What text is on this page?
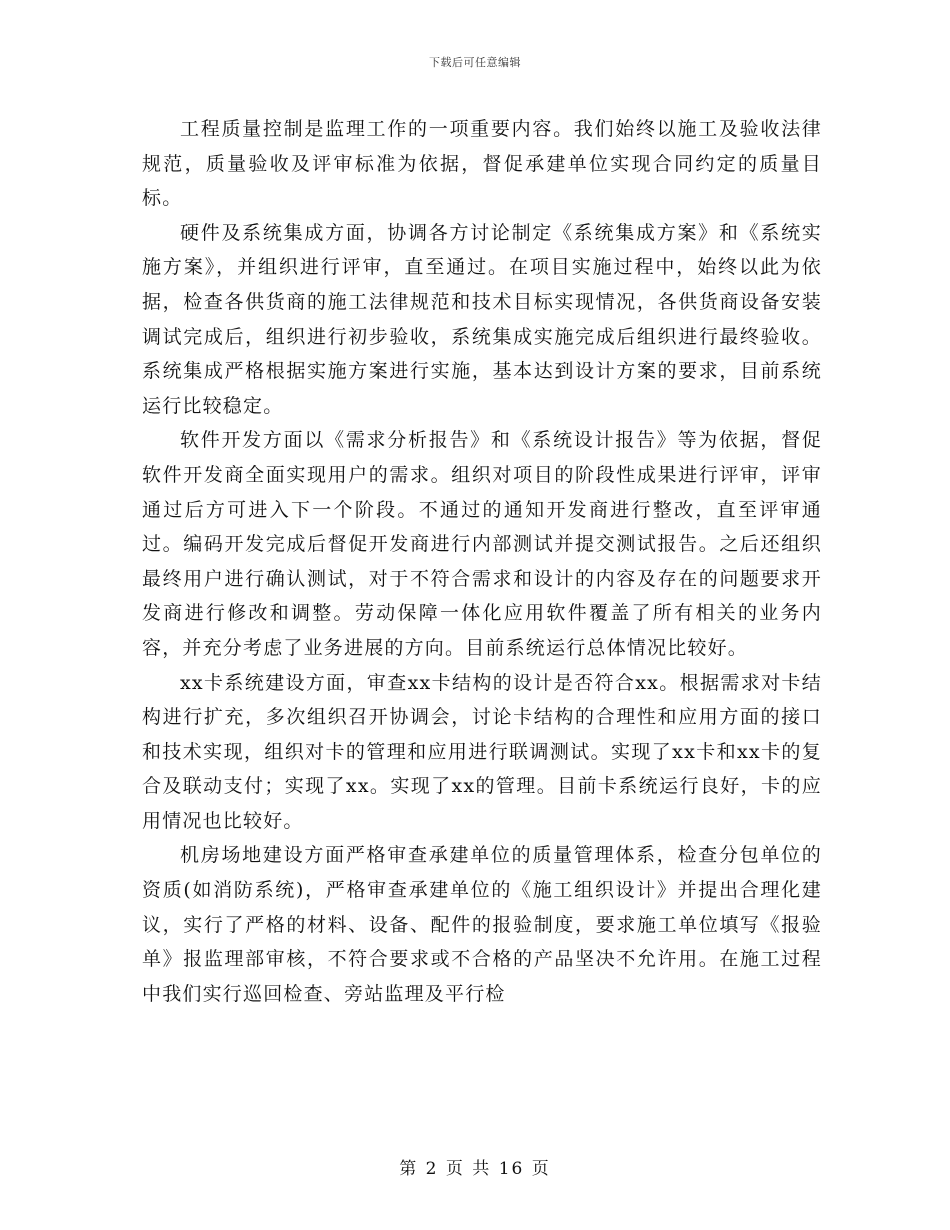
下载后可任意编辑

工程质量控制是监理工作的一项重要内容。我们始终以施工及验收法律规范，质量验收及评审标准为依据，督促承建单位实现合同约定的质量目标。

硬件及系统集成方面，协调各方讨论制定《系统集成方案》和《系统实施方案》，并组织进行评审，直至通过。在项目实施过程中，始终以此为依据，检查各供货商的施工法律规范和技术目标实现情况，各供货商设备安装调试完成后，组织进行初步验收，系统集成实施完成后组织进行最终验收。系统集成严格根据实施方案进行实施，基本达到设计方案的要求，目前系统运行比较稳定。

软件开发方面以《需求分析报告》和《系统设计报告》等为依据，督促软件开发商全面实现用户的需求。组织对项目的阶段性成果进行评审，评审通过后方可进入下一个阶段。不通过的通知开发商进行整改，直至评审通过。编码开发完成后督促开发商进行内部测试并提交测试报告。之后还组织最终用户进行确认测试，对于不符合需求和设计的内容及存在的问题要求开发商进行修改和调整。劳动保障一体化应用软件覆盖了所有相关的业务内容，并充分考虑了业务进展的方向。目前系统运行总体情况比较好。

xx卡系统建设方面，审查xx卡结构的设计是否符合xx。根据需求对卡结构进行扩充，多次组织召开协调会，讨论卡结构的合理性和应用方面的接口和技术实现，组织对卡的管理和应用进行联调测试。实现了xx卡和xx卡的复合及联动支付；实现了xx。实现了xx的管理。目前卡系统运行良好，卡的应用情况也比较好。

机房场地建设方面严格审查承建单位的质量管理体系，检查分包单位的资质(如消防系统)，严格审查承建单位的《施工组织设计》并提出合理化建议，实行了严格的材料、设备、配件的报验制度，要求施工单位填写《报验单》报监理部审核，不符合要求或不合格的产品坚决不允许用。在施工过程中我们实行巡回检查、旁站监理及平行检

第 2 页 共 16 页
